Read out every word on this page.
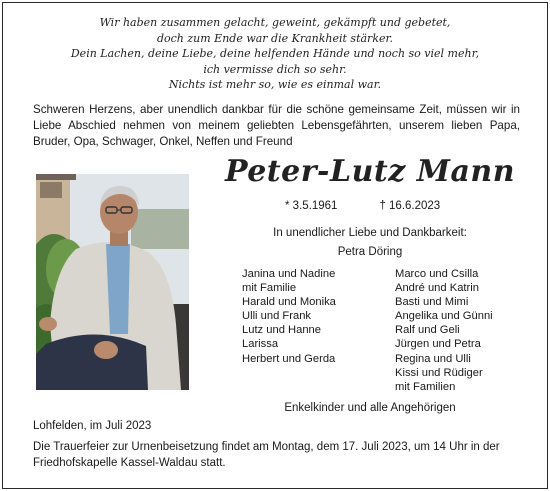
Wir haben zusammen gelacht, geweint, gekämpft und gebetet,
doch zum Ende war die Krankheit stärker.
Dein Lachen, deine Liebe, deine helfenden Hände und noch so viel mehr,
ich vermisse dich so sehr.
Nichts ist mehr so, wie es einmal war.
Schweren Herzens, aber unendlich dankbar für die schöne gemeinsame Zeit, müssen wir in Liebe Abschied nehmen von meinem geliebten Lebensgefährten, unserem lieben Papa, Bruder, Opa, Schwager, Onkel, Neffen und Freund
Peter-Lutz Mann
* 3.5.1961	† 16.6.2023
In unendlicher Liebe und Dankbarkeit:
Petra Döring
Janina und Nadine
mit Familie
Harald und Monika
Ulli und Frank
Lutz und Hanne
Larissa
Herbert und Gerda
Marco und Csilla
André und Katrin
Basti und Mimi
Angelika und Günni
Ralf und Geli
Jürgen und Petra
Regina und Ulli
Kissi und Rüdiger
mit Familien
Enkelkinder und alle Angehörigen
Lohfelden, im Juli 2023
Die Trauerfeier zur Urnenbeisetzung findet am Montag, dem 17. Juli 2023, um 14 Uhr in der Friedhofskapelle Kassel-Waldau statt.
